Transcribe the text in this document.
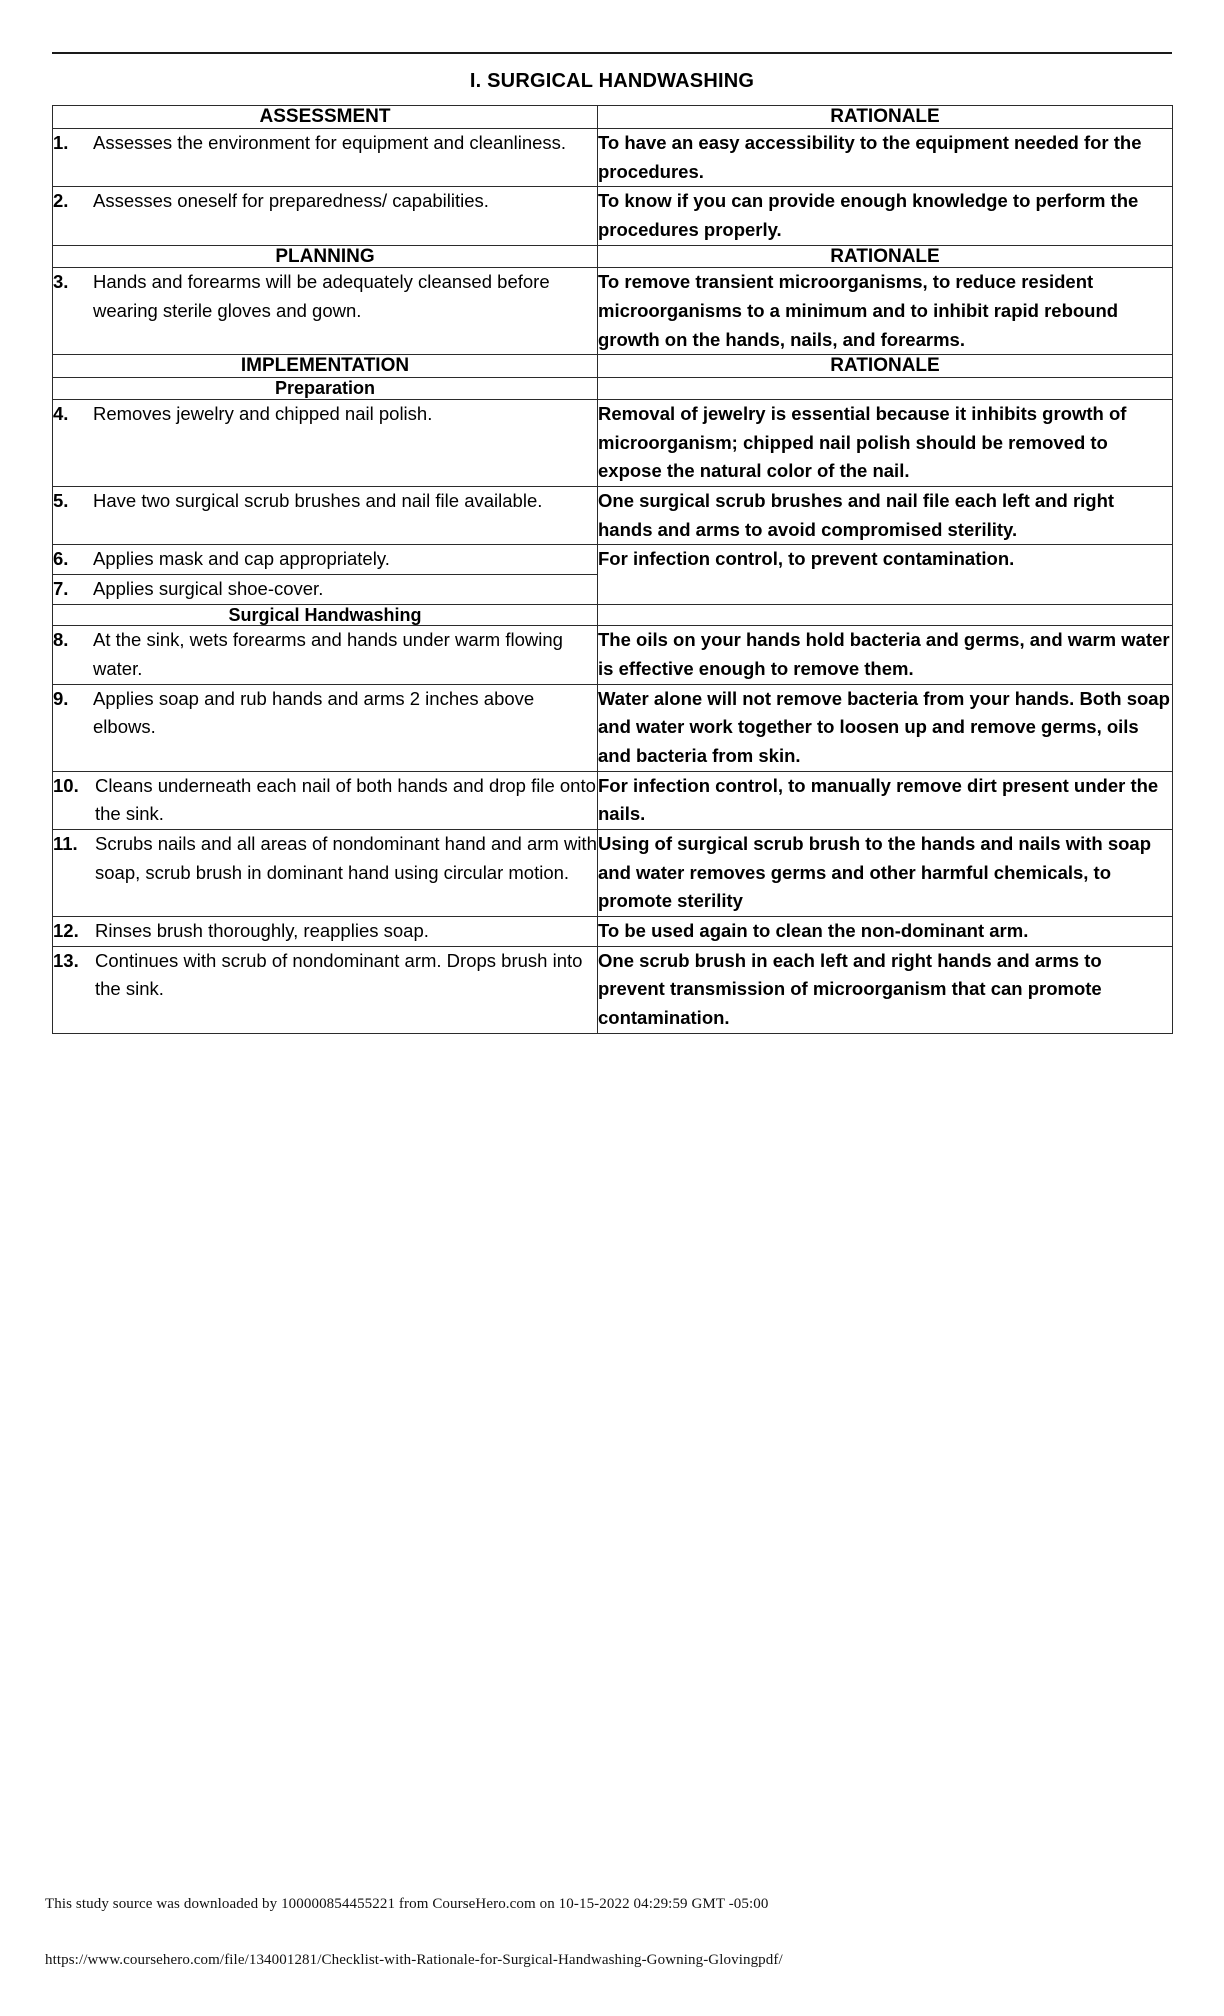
I. SURGICAL HANDWASHING
ASSESSMENT	RATIONALE

1. Assesses the environment for equipment and cleanliness.	To have an easy accessibility to the equipment needed for the procedures.

2. Assesses oneself for preparedness/ capabilities.	To know if you can provide enough knowledge to perform the procedures properly.
PLANNING	RATIONALE

3. Hands and forearms will be adequately cleansed before wearing sterile gloves and gown.	To remove transient microorganisms, to reduce resident microorganisms to a minimum and to inhibit rapid rebound growth on the hands, nails, and forearms.
IMPLEMENTATION	RATIONALE
Preparation	

4. Removes jewelry and chipped nail polish.	Removal of jewelry is essential because it inhibits growth of microorganism; chipped nail polish should be removed to expose the natural color of the nail.

5. Have two surgical scrub brushes and nail file available.	One surgical scrub brushes and nail file each left and right hands and arms to avoid compromised sterility.

6. Applies mask and cap appropriately.	For infection control, to prevent contamination.

7. Applies surgical shoe-cover.	

Surgical Handwashing	

8. At the sink, wets forearms and hands under warm flowing water.	The oils on your hands hold bacteria and germs, and warm water is effective enough to remove them.

9. Applies soap and rub hands and arms 2 inches above elbows.	Water alone will not remove bacteria from your hands. Both soap and water work together to loosen up and remove germs, oils and bacteria from skin.

10. Cleans underneath each nail of both hands and drop file onto the sink.	For infection control, to manually remove dirt present under the nails.

11. Scrubs nails and all areas of nondominant hand and arm with soap, scrub brush in dominant hand using circular motion.	Using of surgical scrub brush to the hands and nails with soap and water removes germs and other harmful chemicals, to promote sterility

12. Rinses brush thoroughly, reapplies soap.	To be used again to clean the non-dominant arm.

13. Continues with scrub of nondominant arm. Drops brush into the sink.	One scrub brush in each left and right hands and arms to prevent transmission of microorganism that can promote contamination.
This study source was downloaded by 100000854455221 from CourseHero.com on 10-15-2022 04:29:59 GMT -05:00
https://www.coursehero.com/file/134001281/Checklist-with-Rationale-for-Surgical-Handwashing-Gowning-Glovingpdf/
